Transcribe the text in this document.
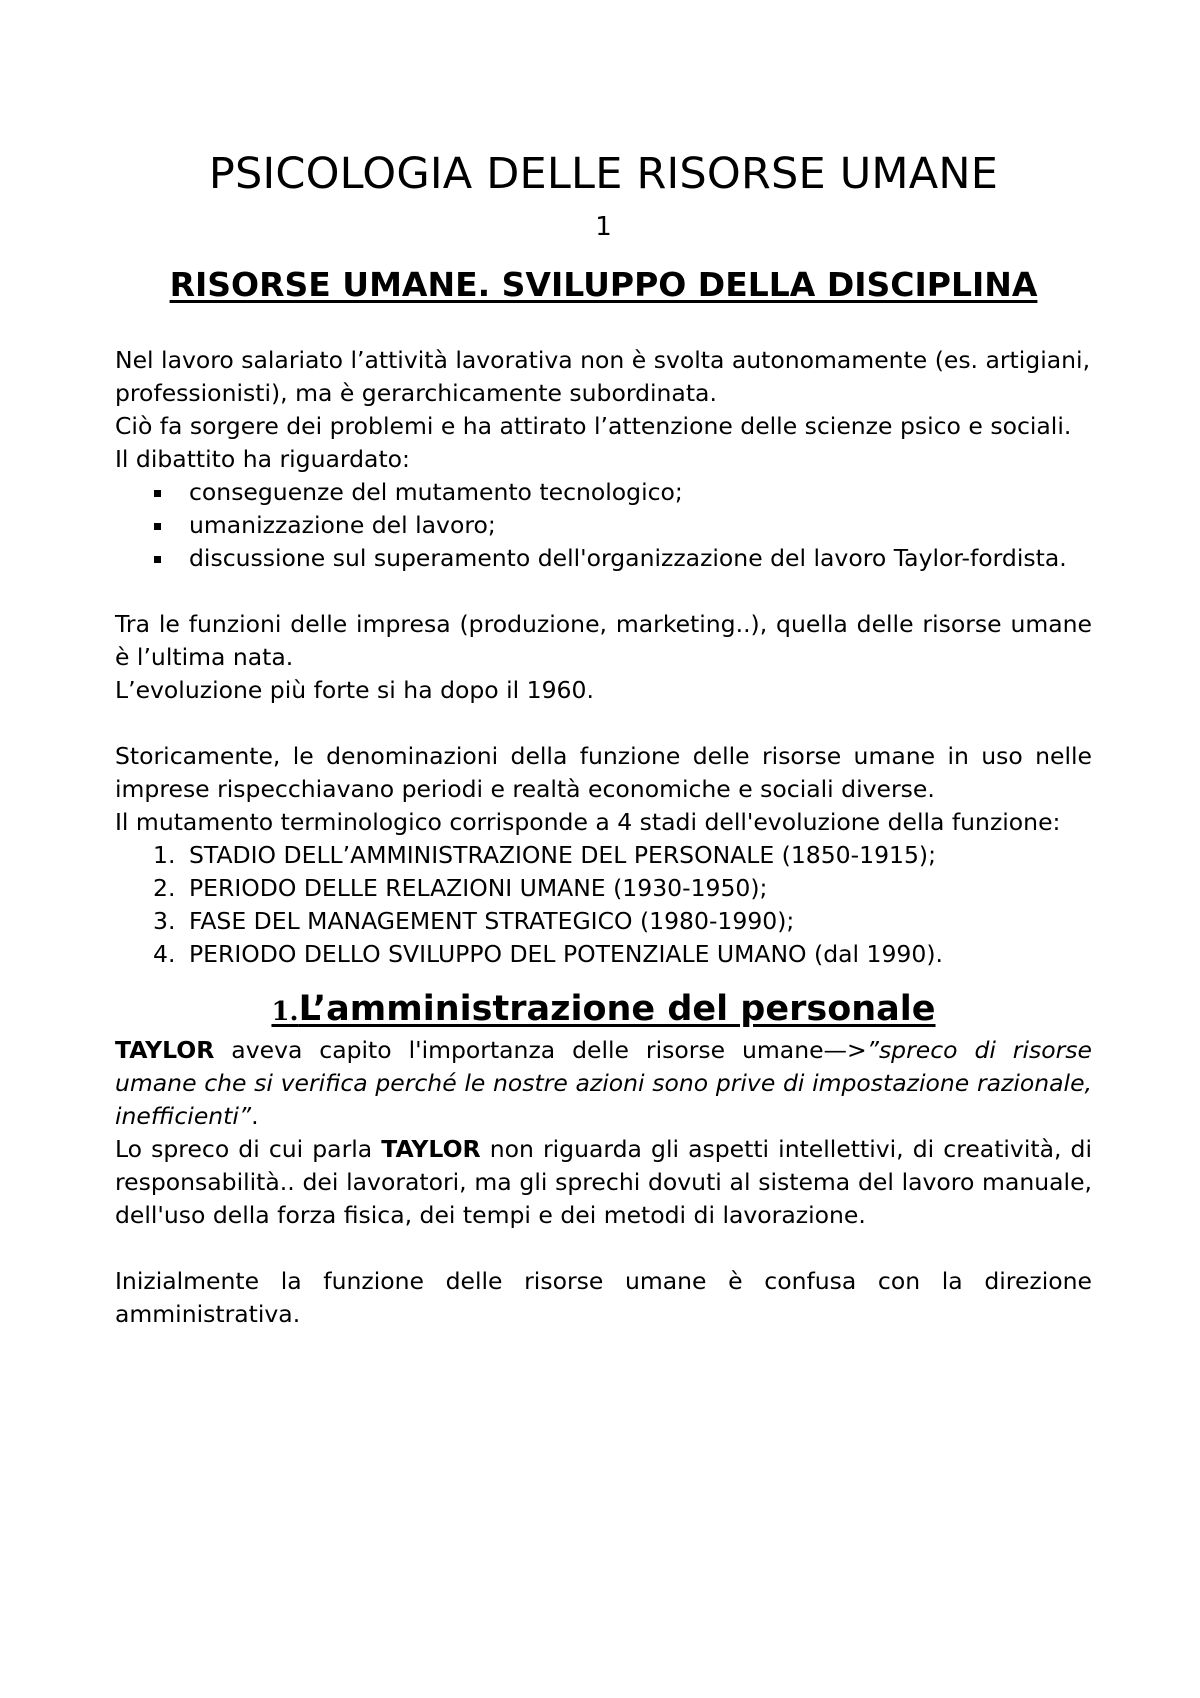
PSICOLOGIA DELLE RISORSE UMANE
1
RISORSE UMANE. SVILUPPO DELLA DISCIPLINA

Nel lavoro salariato l’attività lavorativa non è svolta autonomamente (es. artigiani, professionisti), ma è gerarchicamente subordinata.

Ciò fa sorgere dei problemi e ha attirato l’attenzione delle scienze psico e sociali.

Il dibattito ha riguardato:

conseguenze del mutamento tecnologico;
umanizzazione del lavoro;
discussione sul superamento dell'organizzazione del lavoro Taylor-fordista.

Tra le funzioni delle impresa (produzione, marketing..), quella delle risorse umane è l’ultima nata.

L’evoluzione più forte si ha dopo il 1960.

Storicamente, le denominazioni della funzione delle risorse umane in uso nelle imprese rispecchiavano periodi e realtà economiche e sociali diverse.

Il mutamento terminologico corrisponde a 4 stadi dell'evoluzione della funzione:

1. STADIO DELL’AMMINISTRAZIONE DEL PERSONALE (1850-1915);
2. PERIODO DELLE RELAZIONI UMANE (1930-1950);
3. FASE DEL MANAGEMENT STRATEGICO (1980-1990);
4. PERIODO DELLO SVILUPPO DEL POTENZIALE UMANO (dal 1990).
1.L’amministrazione del personale

TAYLOR aveva capito l'importanza delle risorse umane—>”spreco di risorse umane che si verifica perché le nostre azioni sono prive di impostazione razionale, inefficienti”.

Lo spreco di cui parla TAYLOR non riguarda gli aspetti intellettivi, di creatività, di responsabilità.. dei lavoratori, ma gli sprechi dovuti al sistema del lavoro manuale, dell'uso della forza fisica, dei tempi e dei metodi di lavorazione.

Inizialmente la funzione delle risorse umane è confusa con la direzione amministrativa.
